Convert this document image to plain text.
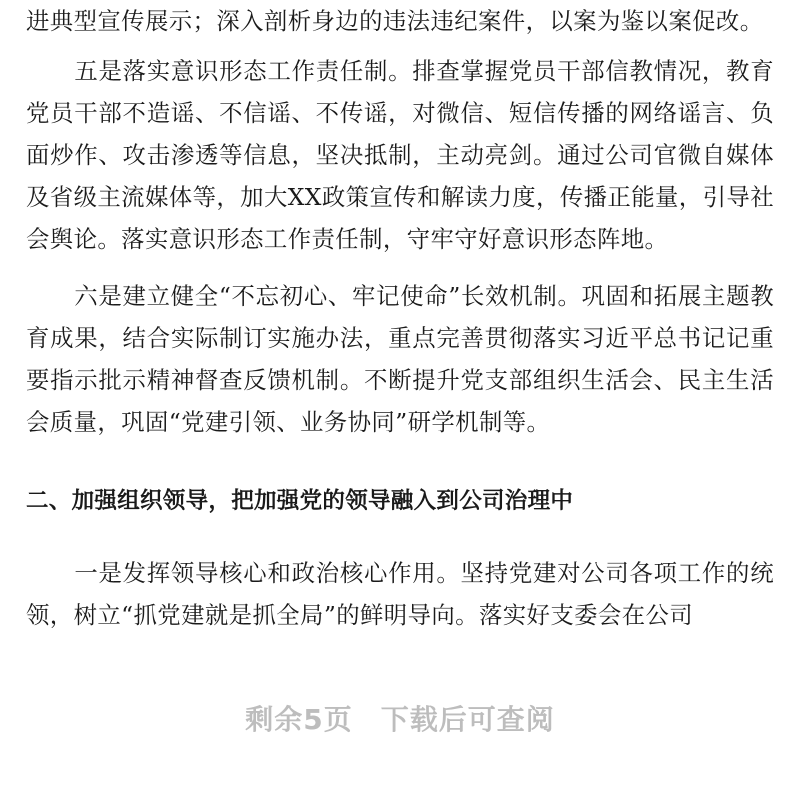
进典型宣传展示；深入剖析身边的违法违纪案件，以案为鉴以案促改。

五是落实意识形态工作责任制。排查掌握党员干部信教情况，教育党员干部不造谣、不信谣、不传谣，对微信、短信传播的网络谣言、负面炒作、攻击渗透等信息，坚决抵制，主动亮剑。通过公司官微自媒体及省级主流媒体等，加大XX政策宣传和解读力度，传播正能量，引导社会舆论。落实意识形态工作责任制，守牢守好意识形态阵地。

六是建立健全“不忘初心、牢记使命”长效机制。巩固和拓展主题教育成果，结合实际制订实施办法，重点完善贯彻落实习近平总书记记重要指示批示精神督查反馈机制。不断提升党支部组织生活会、民主生活会质量，巩固“党建引领、业务协同”研学机制等。

二、加强组织领导，把加强党的领导融入到公司治理中

一是发挥领导核心和政治核心作用。坚持党建对公司各项工作的统领，树立“抓党建就是抓全局”的鲜明导向。落实好支委会在公司

剩余5页 下载后可查阅
